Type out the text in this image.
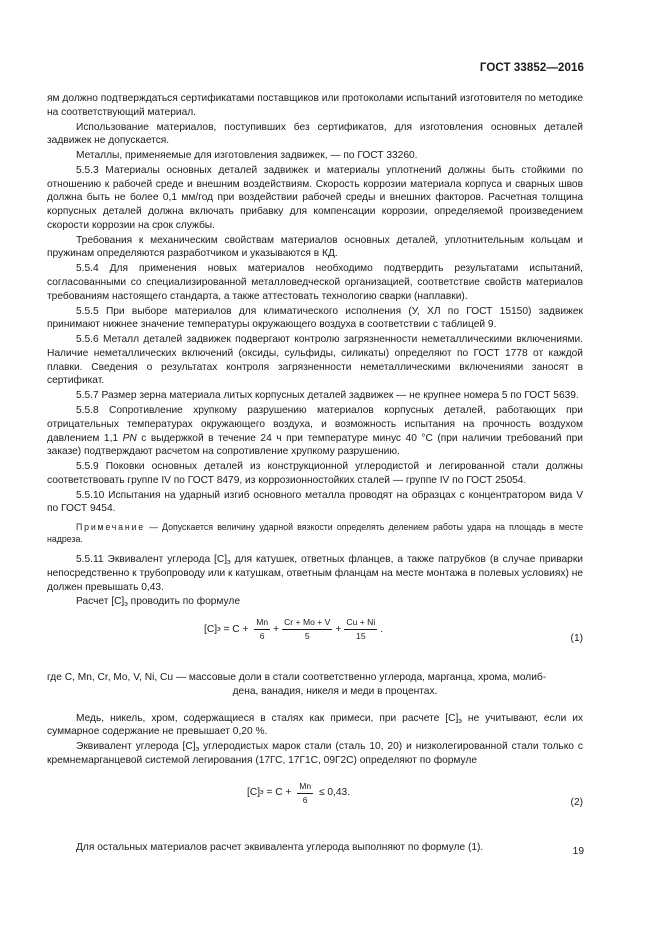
ГОСТ 33852—2016

ям должно подтверждаться сертификатами поставщиков или протоколами испытаний изготовителя по методике на соответствующий материал.

Использование материалов, поступивших без сертификатов, для изготовления основных деталей задвижек не допускается.

Металлы, применяемые для изготовления задвижек, — по ГОСТ 33260.

5.5.3 Материалы основных деталей задвижек и материалы уплотнений должны быть стойкими по отношению к рабочей среде и внешним воздействиям. Скорость коррозии материала корпуса и сварных швов должна быть не более 0,1 мм/год при воздействии рабочей среды и внешних факторов. Расчетная толщина корпусных деталей должна включать прибавку для компенсации коррозии, определяемой произведением скорости коррозии на срок службы.

Требования к механическим свойствам материалов основных деталей, уплотнительным кольцам и пружинам определяются разработчиком и указываются в КД.

5.5.4 Для применения новых материалов необходимо подтвердить результатами испытаний, согласованными со специализированной металловедческой организацией, соответствие свойств материалов требованиям настоящего стандарта, а также аттестовать технологию сварки (наплавки).

5.5.5 При выборе материалов для климатического исполнения (У, ХЛ по ГОСТ 15150) задвижек принимают нижнее значение температуры окружающего воздуха в соответствии с таблицей 9.

5.5.6 Металл деталей задвижек подвергают контролю загрязненности неметаллическими включениями. Наличие неметаллических включений (оксиды, сульфиды, силикаты) определяют по ГОСТ 1778 от каждой плавки. Сведения о результатах контроля загрязненности неметаллическими включениями заносят в сертификат.

5.5.7 Размер зерна материала литых корпусных деталей задвижек — не крупнее номера 5 по ГОСТ 5639.

5.5.8 Сопротивление хрупкому разрушению материалов корпусных деталей, работающих при отрицательных температурах окружающего воздуха, и возможность испытания на прочность воздухом давлением 1,1 PN с выдержкой в течение 24 ч при температуре минус 40 °С (при наличии требований при заказе) подтверждают расчетом на сопротивление хрупкому разрушению.

5.5.9 Поковки основных деталей из конструкционной углеродистой и легированной стали должны соответствовать группе IV по ГОСТ 8479, из коррозионностойких сталей — группе IV по ГОСТ 25054.

5.5.10 Испытания на ударный изгиб основного металла проводят на образцах с концентратором вида V по ГОСТ 9454.

Примечание — Допускается величину ударной вязкости определять делением работы удара на площадь в месте надреза.

5.5.11 Эквивалент углерода $[C]_э$ для катушек, ответных фланцев, а также патрубков (в случае приварки непосредственно к трубопроводу или к катушкам, ответным фланцам на месте монтажа в полевых условиях) не должен превышать 0,43.

Расчет $[C]_э$ проводить по формуле

[C] $э = C + \frac{Mn}{6} + \frac{Cr + Mo + V}{5} + \frac{Cu + Ni}{15}$ .
(1)
где C, Mn, Cr, Mo, V, Ni, Cu — массовые доли в стали соответственно углерода, марганца, хрома, молиб-
дена, ванадия, никеля и меди в процентах.

Медь, никель, хром, содержащиеся в сталях как примеси, при расчете $[C]_э$ не учитывают, если их суммарное содержание не превышает 0,20 %.

Эквивалент углерода $[C]_э$ углеродистых марок стали (сталь 10, 20) и низколегированной стали только с кремнемарганцевой системой легирования (17ГС, 17Г1С, 09Г2С) определяют по формуле

[C] $э = C + \frac{Mn}{6} \le 0,43$.
(2)

Для остальных материалов расчет эквивалента углерода выполняют по формуле (1).	19
